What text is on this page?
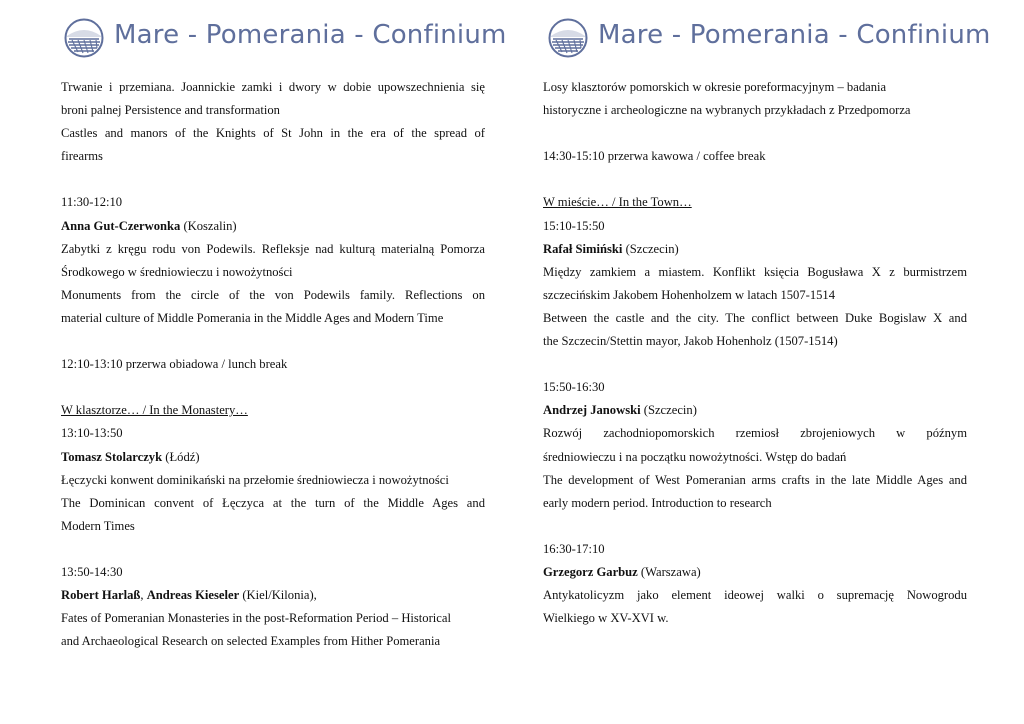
Mare - Pomerania - Confinium
Trwanie i przemiana. Joannickie zamki i dwory w dobie upowszechnienia się
broni palnej Persistence and transformation
Castles and manors of the Knights of St John in the era of the spread of
firearms
11:30-12:10
Anna Gut-Czerwonka (Koszalin)
Zabytki z kręgu rodu von Podewils. Refleksje nad kulturą materialną Pomorza
Środkowego w średniowieczu i nowożytności
Monuments from the circle of the von Podewils family. Reflections on
material culture of Middle Pomerania in the Middle Ages and Modern Time
12:10-13:10 przerwa obiadowa / lunch break
W klasztorze… / In the Monastery…
13:10-13:50
Tomasz Stolarczyk (Łódź)
Łęczycki konwent dominikański na przełomie średniowiecza i nowożytności
The Dominican convent of Łęczyca at the turn of the Middle Ages and
Modern Times
13:50-14:30
Robert Harlaß, Andreas Kieseler (Kiel/Kilonia),
Fates of Pomeranian Monasteries in the post-Reformation Period – Historical
and Archaeological Research on selected Examples from Hither Pomerania
Mare - Pomerania - Confinium
Losy klasztorów pomorskich w okresie poreformacyjnym – badania
historyczne i archeologiczne na wybranych przykładach z Przedpomorza
14:30-15:10 przerwa kawowa / coffee break
W mieście… / In the Town…
15:10-15:50
Rafał Simiński (Szczecin)
Między zamkiem a miastem. Konflikt księcia Bogusława X z burmistrzem
szczecińskim Jakobem Hohenholzem w latach 1507-1514
Between the castle and the city. The conflict between Duke Bogislaw X and
the Szczecin/Stettin mayor, Jakob Hohenholz (1507-1514)
15:50-16:30
Andrzej Janowski (Szczecin)
Rozwój zachodniopomorskich rzemiosł zbrojeniowych w późnym
średniowieczu i na początku nowożytności. Wstęp do badań
The development of West Pomeranian arms crafts in the late Middle Ages and
early modern period. Introduction to research
16:30-17:10
Grzegorz Garbuz (Warszawa)
Antykatolicyzm jako element ideowej walki o supremację Nowogrodu
Wielkiego w XV-XVI w.
